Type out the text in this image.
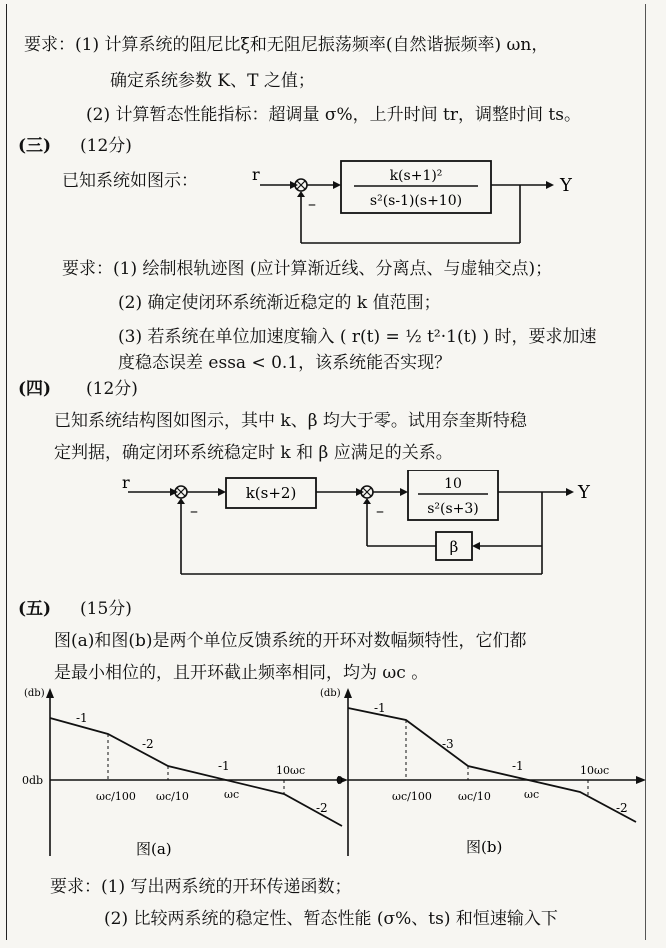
要求：(1) 计算系统的阻尼比ξ和无阻尼振荡频率(自然谐振频率) ωn，
确定系统参数 K、T 之值；
(2) 计算暂态性能指标：超调量 σ%，上升时间 tr，调整时间 ts。
(三) (12分)
已知系统如图示：	k(s+1)²
s²(s-1)(s+10)
r
Y
–
要求：(1) 绘制根轨迹图 (应计算渐近线、分离点、与虚轴交点)；
(2) 确定使闭环系统渐近稳定的 k 值范围；
(3) 若系统在单位加速度输入 ( r(t) = ½ t²·1(t) ) 时，要求加速
度稳态误差 essa < 0.1，该系统能否实现？
(四) (12分)
已知系统结构图如图示，其中 k、β 均大于零。试用奈奎斯特稳
定判据，确定闭环系统稳定时 k 和 β 应满足的关系。
k(s+2)	10
s²(s+3)
Y
r
β
–	–
(五) (15分)
图(a)和图(b)是两个单位反馈系统的开环对数幅频特性，它们都
是最小相位的，且开环截止频率相同，均为 ωc 。
(db)
0db
-1
-2
-1
-2
ωc/100 ωc/10	ωc
10ωc
图(a)
(db)
0
-1
-3
-1
-2
ωc/100 ωc/10	ωc
10ωc
图(b)
要求：(1) 写出两系统的开环传递函数；
(2) 比较两系统的稳定性、暂态性能 (σ%、ts) 和恒速输入下
